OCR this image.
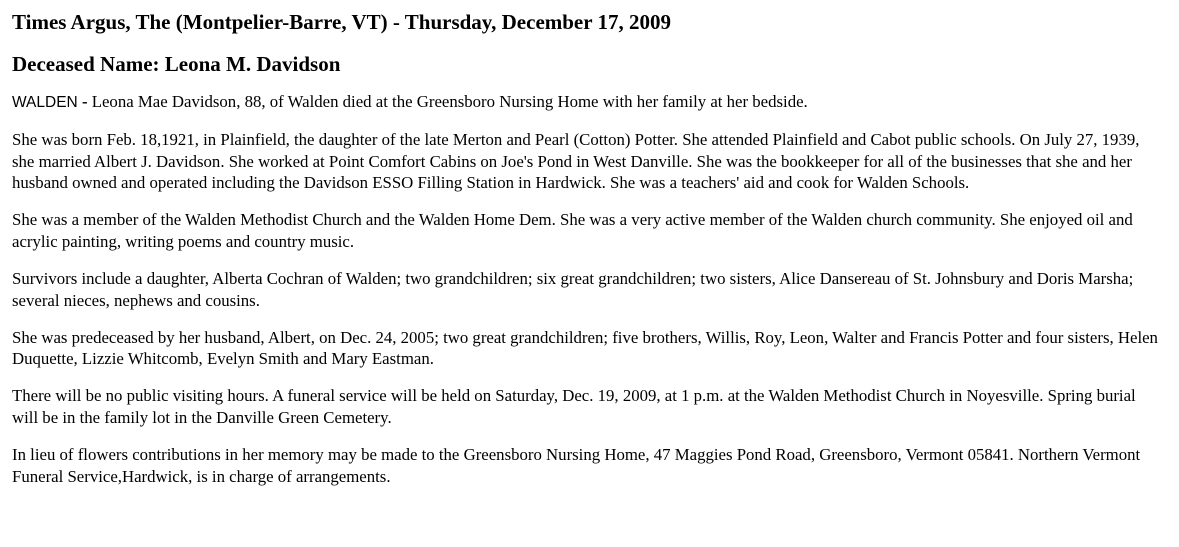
Times Argus, The (Montpelier-Barre, VT) - Thursday, December 17, 2009
Deceased Name: Leona M. Davidson

WALDEN - Leona Mae Davidson, 88, of Walden died at the Greensboro Nursing Home with her family at her bedside.

She was born Feb. 18,1921, in Plainfield, the daughter of the late Merton and Pearl (Cotton) Potter. She attended Plainfield and Cabot public schools. On July 27, 1939, she married Albert J. Davidson. She worked at Point Comfort Cabins on Joe's Pond in West Danville. She was the bookkeeper for all of the businesses that she and her husband owned and operated including the Davidson ESSO Filling Station in Hardwick. She was a teachers' aid and cook for Walden Schools.

She was a member of the Walden Methodist Church and the Walden Home Dem. She was a very active member of the Walden church community. She enjoyed oil and acrylic painting, writing poems and country music.

Survivors include a daughter, Alberta Cochran of Walden; two grandchildren; six great grandchildren; two sisters, Alice Dansereau of St. Johnsbury and Doris Marsha; several nieces, nephews and cousins.

She was predeceased by her husband, Albert, on Dec. 24, 2005; two great grandchildren; five brothers, Willis, Roy, Leon, Walter and Francis Potter and four sisters, Helen Duquette, Lizzie Whitcomb, Evelyn Smith and Mary Eastman.

There will be no public visiting hours. A funeral service will be held on Saturday, Dec. 19, 2009, at 1 p.m. at the Walden Methodist Church in Noyesville. Spring burial will be in the family lot in the Danville Green Cemetery.

In lieu of flowers contributions in her memory may be made to the Greensboro Nursing Home, 47 Maggies Pond Road, Greensboro, Vermont 05841. Northern Vermont Funeral Service,Hardwick, is in charge of arrangements.
